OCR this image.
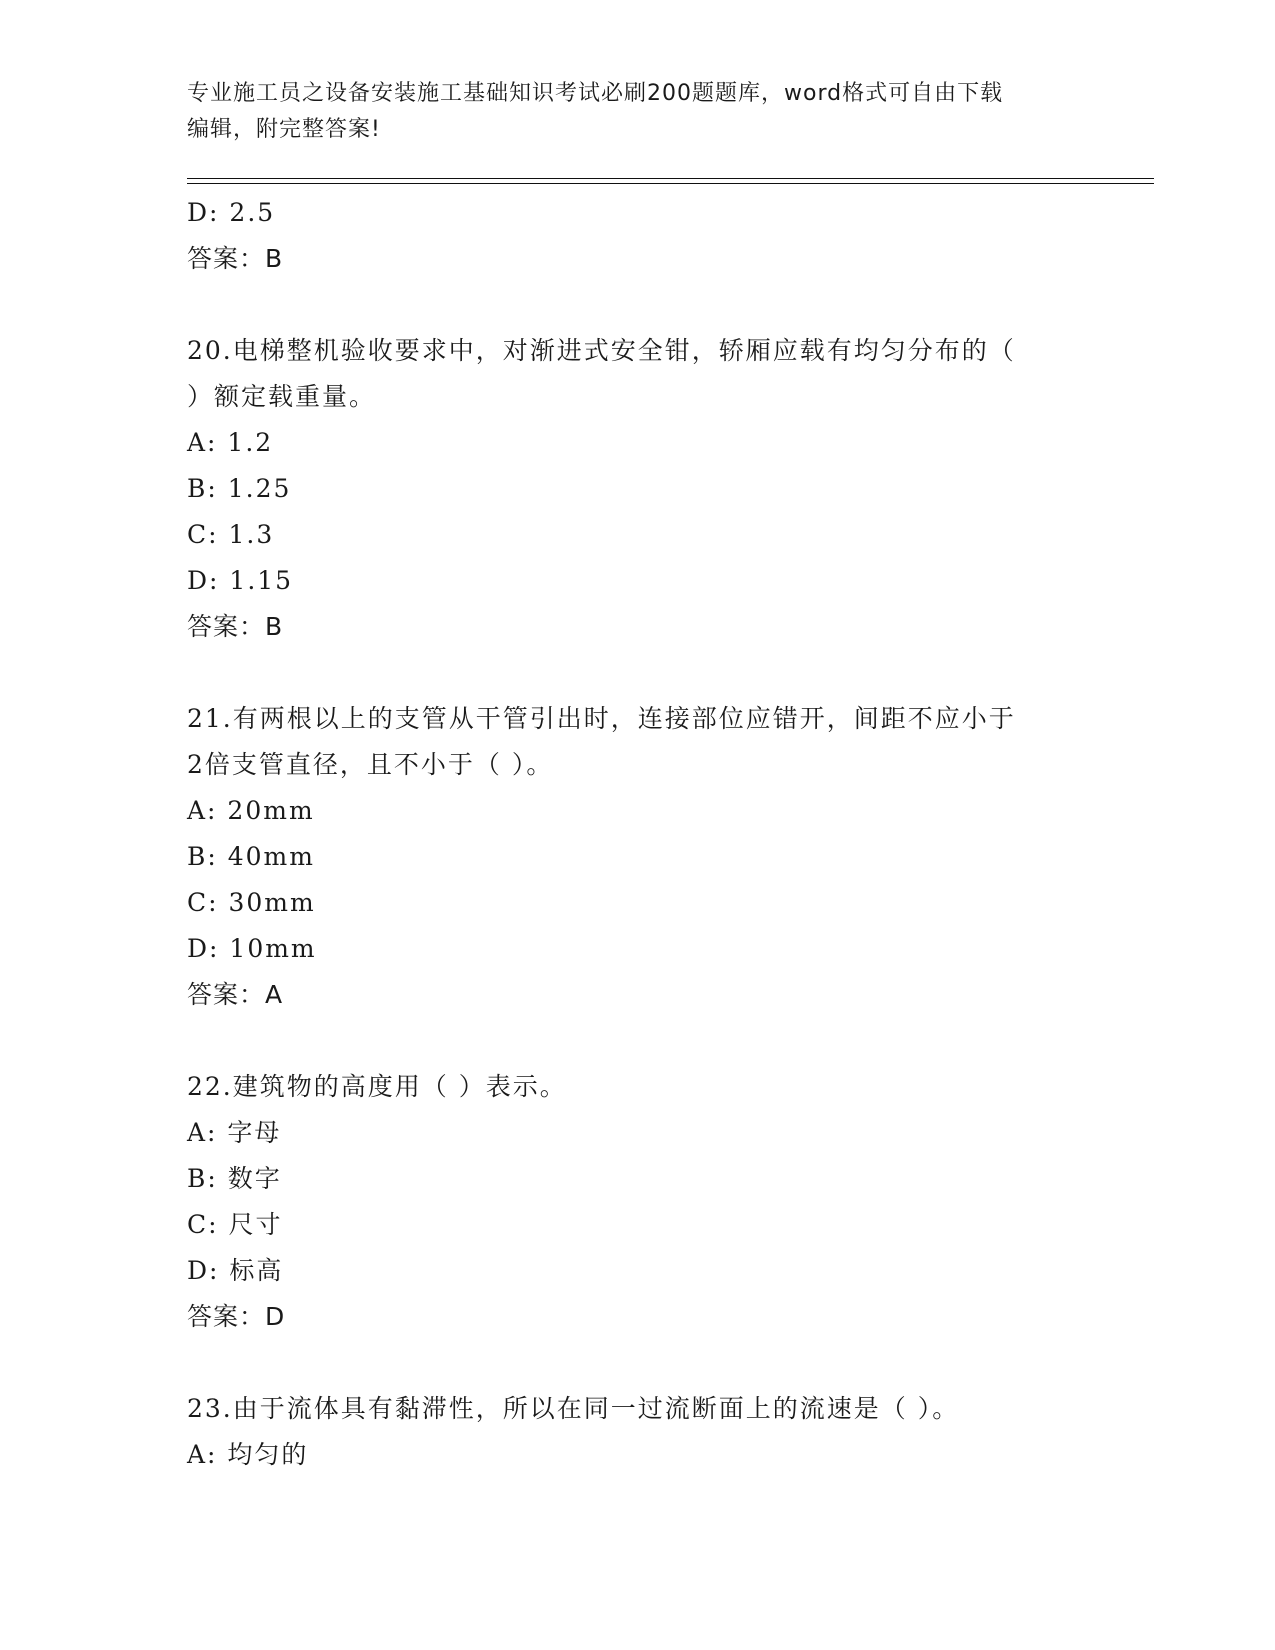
专业施工员之设备安装施工基础知识考试必刷200题题库，word格式可自由下载
编辑，附完整答案!
D: 2.5
答案：B
20.电梯整机验收要求中，对渐进式安全钳，轿厢应载有均匀分布的（
）额定载重量。
A: 1.2
B: 1.25
C: 1.3
D: 1.15
答案：B
21.有两根以上的支管从干管引出时，连接部位应错开，间距不应小于
2倍支管直径，且不小于（ ）。
A: 20mm
B: 40mm
C: 30mm
D: 10mm
答案：A
22.建筑物的高度用（ ）表示。
A: 字母
B: 数字
C: 尺寸
D: 标高
答案：D
23.由于流体具有黏滞性，所以在同一过流断面上的流速是（ ）。
A: 均匀的
